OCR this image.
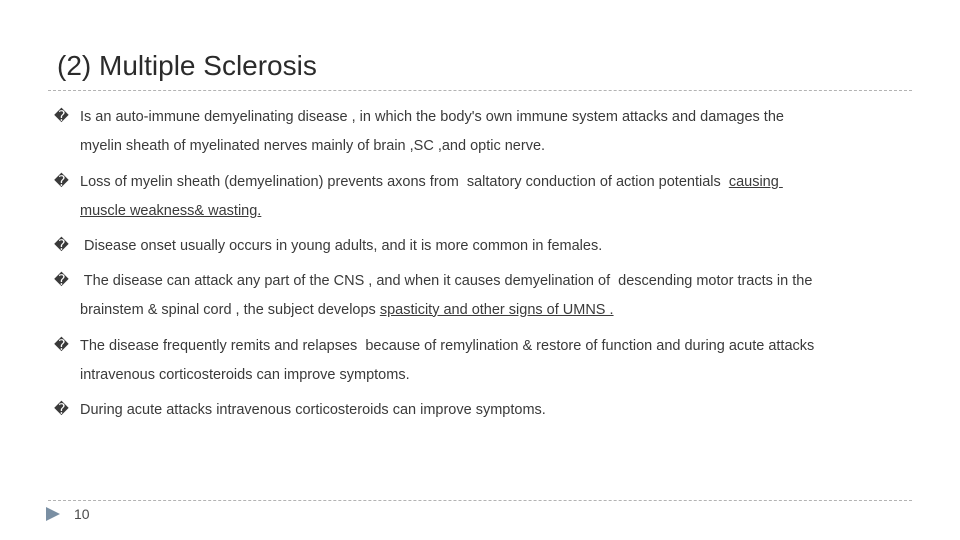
(2) Multiple Sclerosis
� Is an auto-immune demyelinating disease , in which the body's own immune system attacks and damages the
myelin sheath of myelinated nerves mainly of brain ,SC ,and optic nerve.
� Loss of myelin sheath (demyelination) prevents axons from  saltatory conduction of action potentials  causing
muscle weakness& wasting.
� Disease onset usually occurs in young adults, and it is more common in females.
� The disease can attack any part of the CNS , and when it causes demyelination of  descending motor tracts in the
brainstem & spinal cord , the subject develops spasticity and other signs of UMNS .
� The disease frequently remits and relapses  because of remylination & restore of function and during acute attacks
intravenous corticosteroids can improve symptoms.
� During acute attacks intravenous corticosteroids can improve symptoms.
10
